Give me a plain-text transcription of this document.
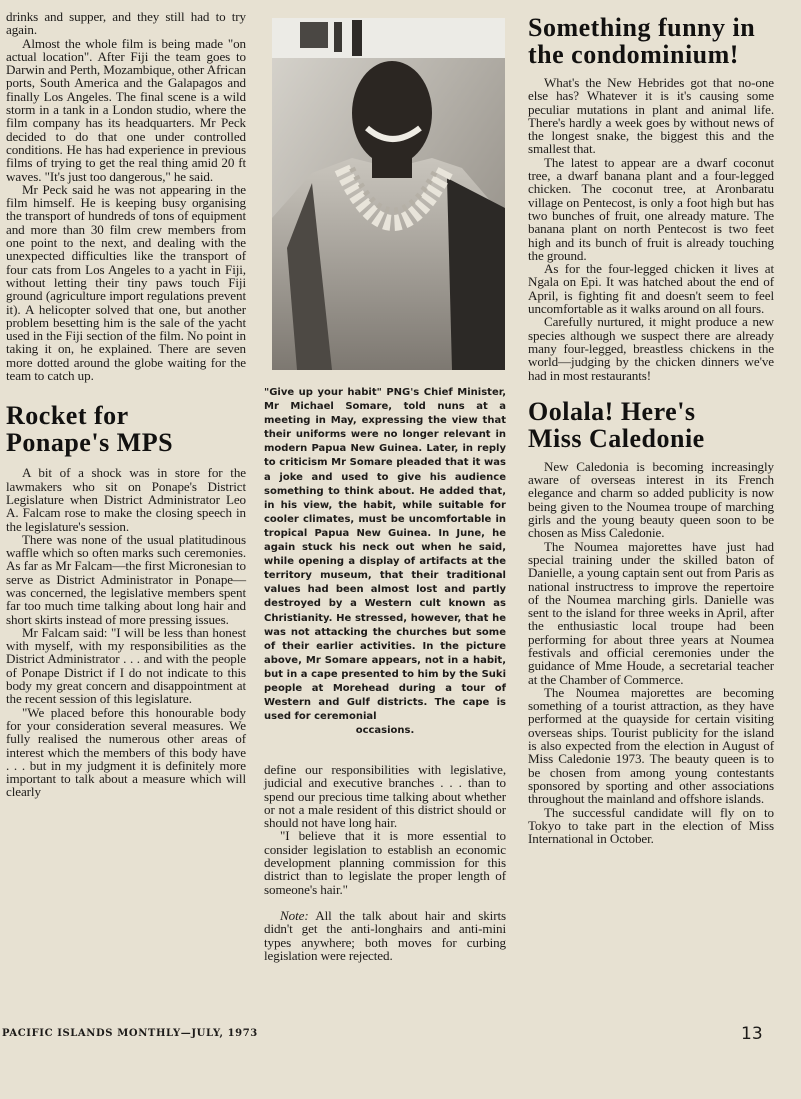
drinks and supper, and they still had to try again.

Almost the whole film is being made "on actual location". After Fiji the team goes to Darwin and Perth, Mozambique, other African ports, South America and the Galapagos and finally Los Angeles. The final scene is a wild storm in a tank in a London studio, where the film company has its headquarters. Mr Peck decided to do that one under controlled conditions. He has had experience in previous films of trying to get the real thing amid 20 ft waves. "It's just too dangerous," he said.

Mr Peck said he was not appearing in the film himself. He is keeping busy organising the transport of hundreds of tons of equipment and more than 30 film crew members from one point to the next, and dealing with the unexpected difficulties like the transport of four cats from Los Angeles to a yacht in Fiji, without letting their tiny paws touch Fiji ground (agriculture import regulations prevent it). A helicopter solved that one, but another problem besetting him is the sale of the yacht used in the Fiji section of the film. No point in taking it on, he explained. There are seven more dotted around the globe waiting for the team to catch up.

Rocket for
Ponape's MPS

A bit of a shock was in store for the lawmakers who sit on Ponape's District Legislature when District Administrator Leo A. Falcam rose to make the closing speech in the legislature's session.

There was none of the usual platitudinous waffle which so often marks such ceremonies. As far as Mr Falcam—the first Micronesian to serve as District Administrator in Ponape—was concerned, the legislative members spent far too much time talking about long hair and short skirts instead of more pressing issues.

Mr Falcam said: "I will be less than honest with myself, with my responsibilities as the District Administrator . . . and with the people of Ponape District if I do not indicate to this body my great concern and disappointment at the recent session of this legislature.

"We placed before this honourable body for your consideration several measures. We fully realised the numerous other areas of interest which the members of this body have . . . but in my judgment it is definitely more important to talk about a measure which will clearly

"Give up your habit" PNG's Chief Minister, Mr Michael Somare, told nuns at a meeting in May, expressing the view that their uniforms were no longer relevant in modern Papua New Guinea. Later, in reply to criticism Mr Somare pleaded that it was a joke and used to give his audience something to think about. He added that, in his view, the habit, while suitable for cooler climates, must be uncomfortable in tropical Papua New Guinea. In June, he again stuck his neck out when he said, while opening a display of artifacts at the territory museum, that their traditional values had been almost lost and partly destroyed by a Western cult known as Christianity. He stressed, however, that he was not attacking the churches but some of their earlier activities. In the picture above, Mr Somare appears, not in a habit, but in a cape presented to him by the Suki people at Morehead during a tour of Western and Gulf districts. The cape is used for ceremonial
occasions.

define our responsibilities with legislative, judicial and executive branches . . . than to spend our precious time talking about whether or not a male resident of this district should or should not have long hair.

"I believe that it is more essential to consider legislation to establish an economic development planning commission for this district than to legislate the proper length of someone's hair."

Note: All the talk about hair and skirts didn't get the anti-longhairs and anti-mini types anywhere; both moves for curbing legislation were rejected.

Something funny in
the condominium!

What's the New Hebrides got that no-one else has? Whatever it is it's causing some peculiar mutations in plant and animal life. There's hardly a week goes by without news of the longest snake, the biggest this and the smallest that.

The latest to appear are a dwarf coconut tree, a dwarf banana plant and a four-legged chicken. The coconut tree, at Aronbaratu village on Pentecost, is only a foot high but has two bunches of fruit, one already mature. The banana plant on north Pentecost is two feet high and its bunch of fruit is already touching the ground.

As for the four-legged chicken it lives at Ngala on Epi. It was hatched about the end of April, is fighting fit and doesn't seem to feel uncomfortable as it walks around on all fours.

Carefully nurtured, it might produce a new species although we suspect there are already many four-legged, breastless chickens in the world—judging by the chicken dinners we've had in most restaurants!

Oolala! Here's
Miss Caledonie

New Caledonia is becoming increasingly aware of overseas interest in its French elegance and charm so added publicity is now being given to the Noumea troupe of marching girls and the young beauty queen soon to be chosen as Miss Caledonie.

The Noumea majorettes have just had special training under the skilled baton of Danielle, a young captain sent out from Paris as national instructress to improve the repertoire of the Noumea marching girls. Danielle was sent to the island for three weeks in April, after the enthusiastic local troupe had been performing for about three years at Noumea festivals and official ceremonies under the guidance of Mme Houde, a secretarial teacher at the Chamber of Commerce.

The Noumea majorettes are becoming something of a tourist attraction, as they have performed at the quayside for certain visiting overseas ships. Tourist publicity for the island is also expected from the election in August of Miss Caledonie 1973. The beauty queen is to be chosen from among young contestants sponsored by sporting and other associations throughout the mainland and offshore islands.

The successful candidate will fly on to Tokyo to take part in the election of Miss International in October.

PACIFIC ISLANDS MONTHLY—JULY, 1973	13
